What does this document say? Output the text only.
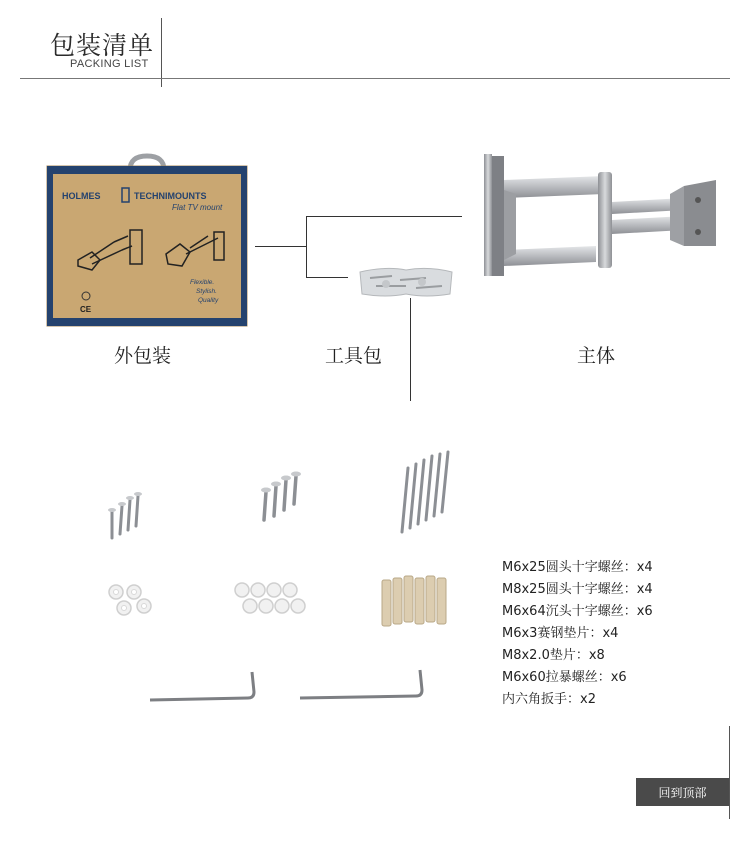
包装清单
PACKING LIST
HOLMES	TECHNIMOUNTS
Flat TV mount
Flexible.
Stylish.
Quality
CE
外包装	工具包	主体
M6x25圆头十字螺丝：x4
M8x25圆头十字螺丝：x4
M6x64沉头十字螺丝：x6
M6x3赛钢垫片：x4
M8x2.0垫片：x8
M6x60拉暴螺丝：x6
内六角扳手：x2
回到顶部
